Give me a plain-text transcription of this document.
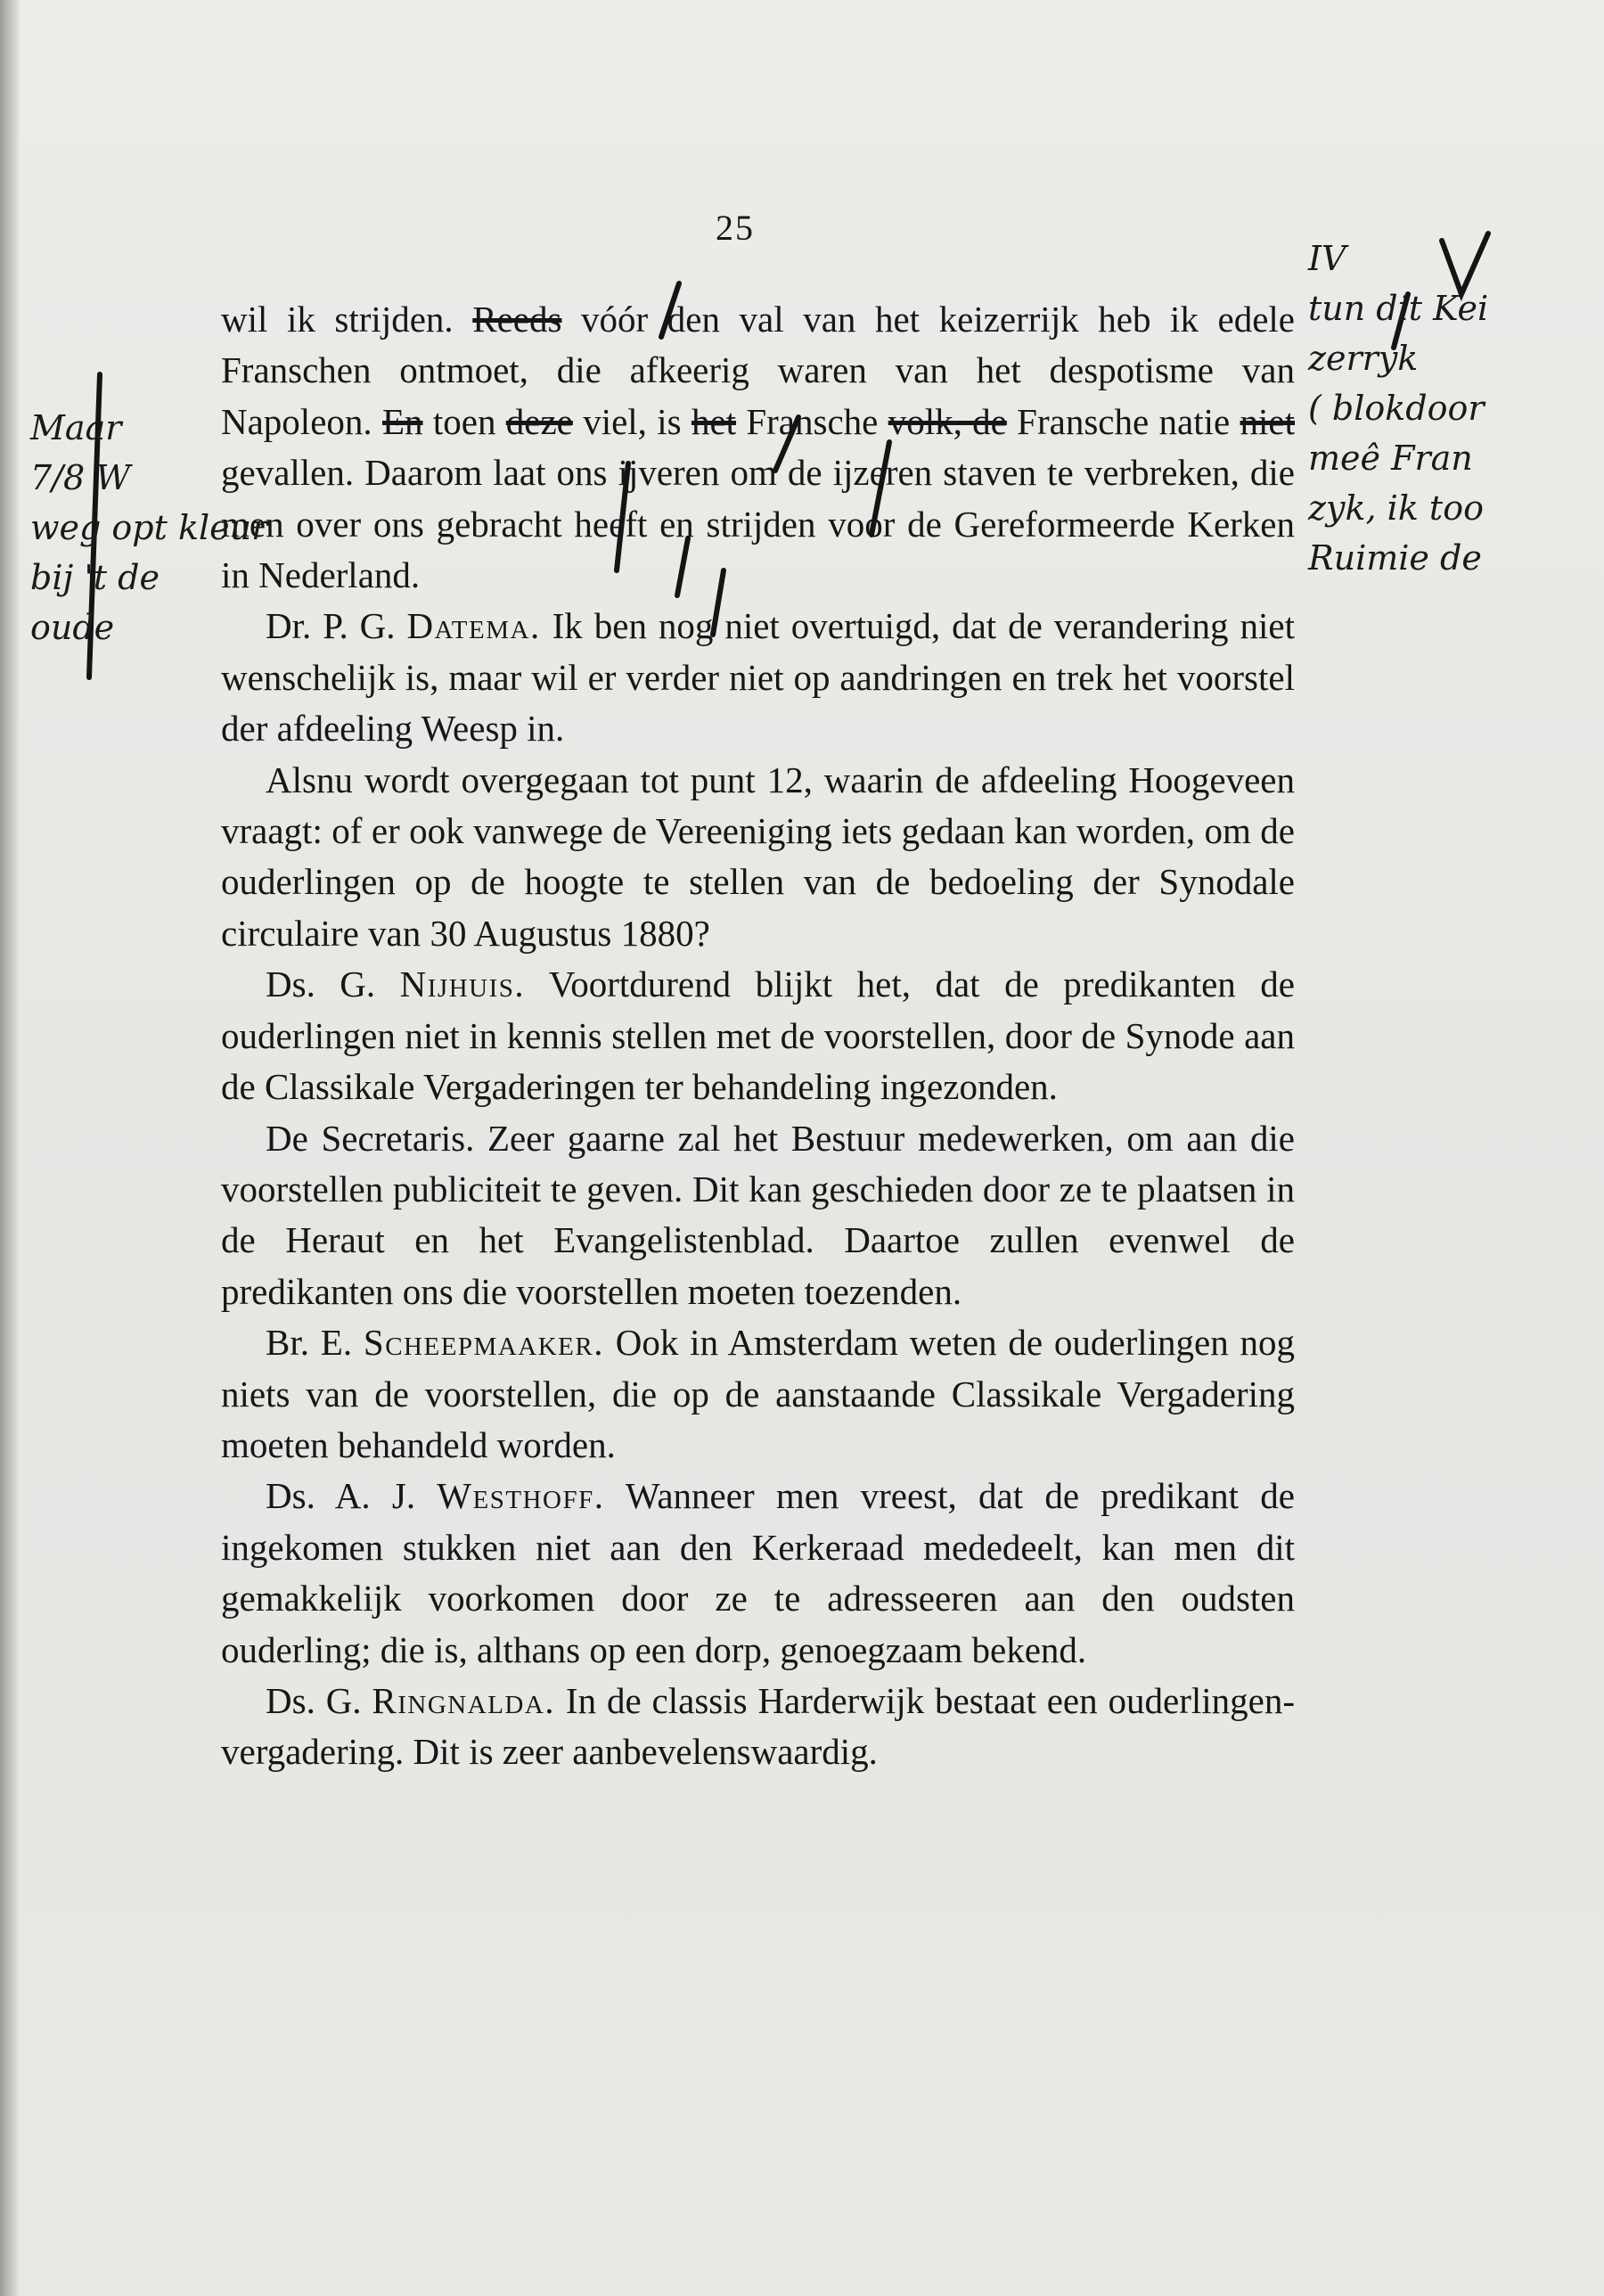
25

wil ik strijden. Reeds vóór den val van het keizerrijk heb ik edele Franschen ontmoet, die afkeerig waren van het despotisme van Napoleon. En toen deze viel, is het Fransche volk, de Fransche natie niet gevallen. Daarom laat ons ijveren om de ijzeren staven te verbreken, die men over ons gebracht heeft en strijden voor de Gereformeerde Kerken in Nederland.

Dr. P. G. Datema. Ik ben nog niet overtuigd, dat de verandering niet wenschelijk is, maar wil er verder niet op aandringen en trek het voorstel der afdeeling Weesp in.

Alsnu wordt overgegaan tot punt 12, waarin de afdeeling Hoogeveen vraagt: of er ook vanwege de Vereeniging iets gedaan kan worden, om de ouderlingen op de hoogte te stellen van de bedoeling der Synodale circulaire van 30 Augustus 1880?

Ds. G. Nijhuis. Voortdurend blijkt het, dat de predikanten de ouderlingen niet in kennis stellen met de voorstellen, door de Synode aan de Classikale Vergaderingen ter behandeling ingezonden.

De Secretaris. Zeer gaarne zal het Bestuur medewerken, om aan die voorstellen publiciteit te geven. Dit kan geschieden door ze te plaatsen in de Heraut en het Evangelistenblad. Daartoe zullen evenwel de predikanten ons die voorstellen moeten toezenden.

Br. E. Scheepmaaker. Ook in Amsterdam weten de ouderlingen nog niets van de voorstellen, die op de aanstaande Classikale Vergadering moeten behandeld worden.

Ds. A. J. Westhoff. Wanneer men vreest, dat de predikant de ingekomen stukken niet aan den Kerkeraad mededeelt, kan men dit gemakkelijk voorkomen door ze te adresseeren aan den oudsten ouderling; die is, althans op een dorp, genoegzaam bekend.

Ds. G. Ringnalda. In de classis Harderwijk bestaat een ouderlingen-vergadering. Dit is zeer aanbevelenswaardig.

Maar
7/8 W
weg opt kleur
bij 't de
oude
IV
tun dit Kei
zerryk
( blokdoor
meê Fran
zyk, ik too
Ruimie de
